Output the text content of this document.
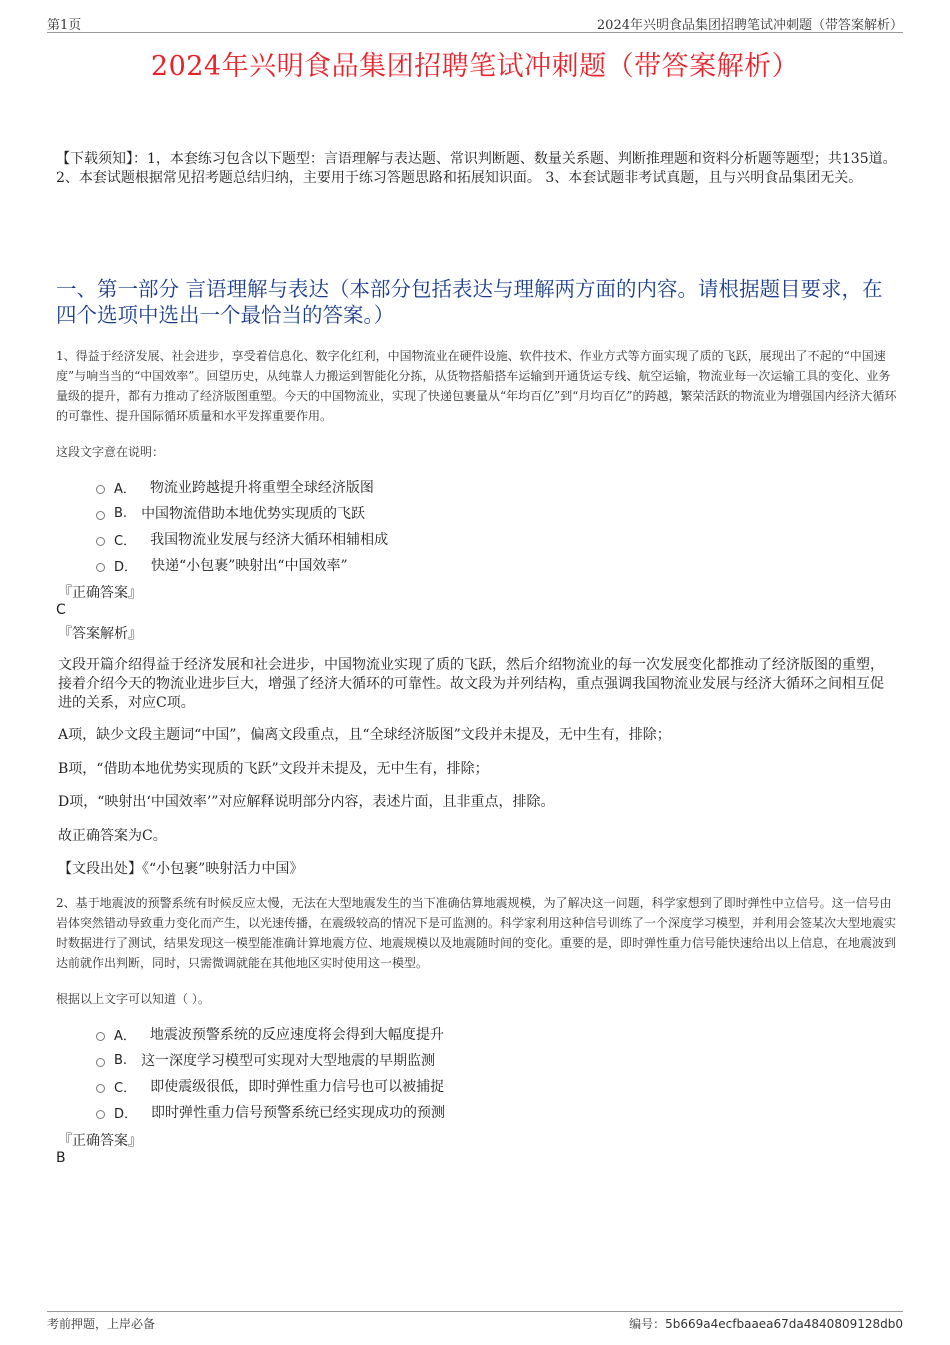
第1页	2024年兴明食品集团招聘笔试冲刺题（带答案解析）
2024年兴明食品集团招聘笔试冲刺题（带答案解析）
【下载须知】：1，本套练习包含以下题型：言语理解与表达题、常识判断题、数量关系题、判断推理题和资料分析题等题型；共135道。 2、本套试题根据常见招考题总结归纳，主要用于练习答题思路和拓展知识面。 3、本套试题非考试真题，且与兴明食品集团无关。
一、第一部分 言语理解与表达（本部分包括表达与理解两方面的内容。请根据题目要求，在四个选项中选出一个最恰当的答案。）
1、得益于经济发展、社会进步，享受着信息化、数字化红利，中国物流业在硬件设施、软件技术、作业方式等方面实现了质的飞跃，展现出了不起的“中国速度”与响当当的“中国效率”。回望历史，从纯靠人力搬运到智能化分拣，从货物搭船搭车运输到开通货运专线、航空运输，物流业每一次运输工具的变化、业务量级的提升，都有力推动了经济版图重塑。今天的中国物流业，实现了快递包裹量从“年均百亿”到“月均百亿”的跨越，繁荣活跃的物流业为增强国内经济大循环的可靠性、提升国际循环质量和水平发挥重要作用。
这段文字意在说明：
A． 物流业跨越提升将重塑全球经济版图
B. 中国物流借助本地优势实现质的飞跃
C． 我国物流业发展与经济大循环相辅相成
D． 快递“小包裹”映射出“中国效率”
『正确答案』
C
『答案解析』
文段开篇介绍得益于经济发展和社会进步，中国物流业实现了质的飞跃，然后介绍物流业的每一次发展变化都推动了经济版图的重塑，接着介绍今天的物流业进步巨大，增强了经济大循环的可靠性。故文段为并列结构，重点强调我国物流业发展与经济大循环之间相互促进的关系，对应C项。
A项，缺少文段主题词“中国”，偏离文段重点，且“全球经济版图”文段并未提及，无中生有，排除；
B项，“借助本地优势实现质的飞跃”文段并未提及，无中生有，排除；
D项，“映射出‘中国效率’”对应解释说明部分内容，表述片面，且非重点，排除。
故正确答案为C。
【文段出处】《“小包裹”映射活力中国》
2、基于地震波的预警系统有时候反应太慢，无法在大型地震发生的当下准确估算地震规模，为了解决这一问题，科学家想到了即时弹性中立信号。这一信号由岩体突然错动导致重力变化而产生，以光速传播，在震级较高的情况下是可监测的。科学家利用这种信号训练了一个深度学习模型，并利用会签某次大型地震实时数据进行了测试，结果发现这一模型能准确计算地震方位、地震规模以及地震随时间的变化。重要的是，即时弹性重力信号能快速给出以上信息，在地震波到达前就作出判断，同时，只需微调就能在其他地区实时使用这一模型。
根据以上文字可以知道（ ）。
A． 地震波预警系统的反应速度将会得到大幅度提升
B. 这一深度学习模型可实现对大型地震的早期监测
C． 即使震级很低，即时弹性重力信号也可以被捕捉
D． 即时弹性重力信号预警系统已经实现成功的预测
『正确答案』
B
考前押题，上岸必备	编号：5b669a4ecfbaaea67da4840809128db0
